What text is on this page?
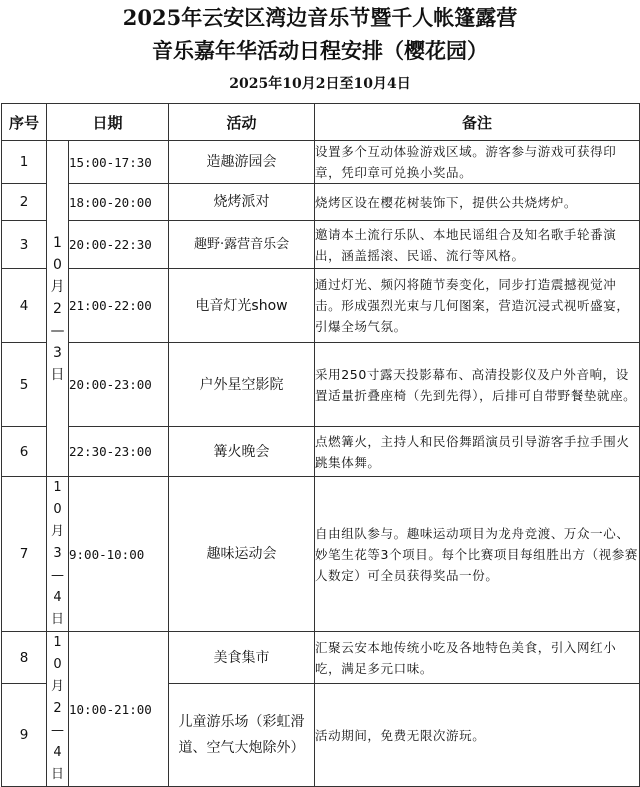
2025年云安区湾边音乐节暨千人帐篷露营
音乐嘉年华活动日程安排（樱花园）
2025年10月2日至10月4日
序号	日期		活动	备注
1	10月2—3日	15:00-17:30	造趣游园会	设置多个互动体验游戏区域。游客参与游戏可获得印章，凭印章可兑换小奖品。
2		18:00-20:00	烧烤派对	烧烤区设在樱花树装饰下，提供公共烧烤炉。
3		20:00-22:30	趣野·露营音乐会	邀请本土流行乐队、本地民谣组合及知名歌手轮番演出，涵盖摇滚、民谣、流行等风格。
4		21:00-22:00	电音灯光show	通过灯光、频闪将随节奏变化，同步打造震撼视觉冲击。形成强烈光束与几何图案，营造沉浸式视听盛宴，引爆全场气氛。
5		20:00-23:00	户外星空影院	采用250寸露天投影幕布、高清投影仪及户外音响，设置适量折叠座椅（先到先得），后排可自带野餐垫就座。
6		22:30-23:00	篝火晚会	点燃篝火，主持人和民俗舞蹈演员引导游客手拉手围火跳集体舞。
7	10月3—4日	9:00-10:00	趣味运动会	自由组队参与。趣味运动项目为龙舟竞渡、万众一心、妙笔生花等3个项目。每个比赛项目每组胜出方（视参赛人数定）可全员获得奖品一份。
8	10月2—4日	10:00-21:00	美食集市	汇聚云安本地传统小吃及各地特色美食，引入网红小吃，满足多元口味。
9			儿童游乐场（彩虹滑道、空气大炮除外）	活动期间，免费无限次游玩。
